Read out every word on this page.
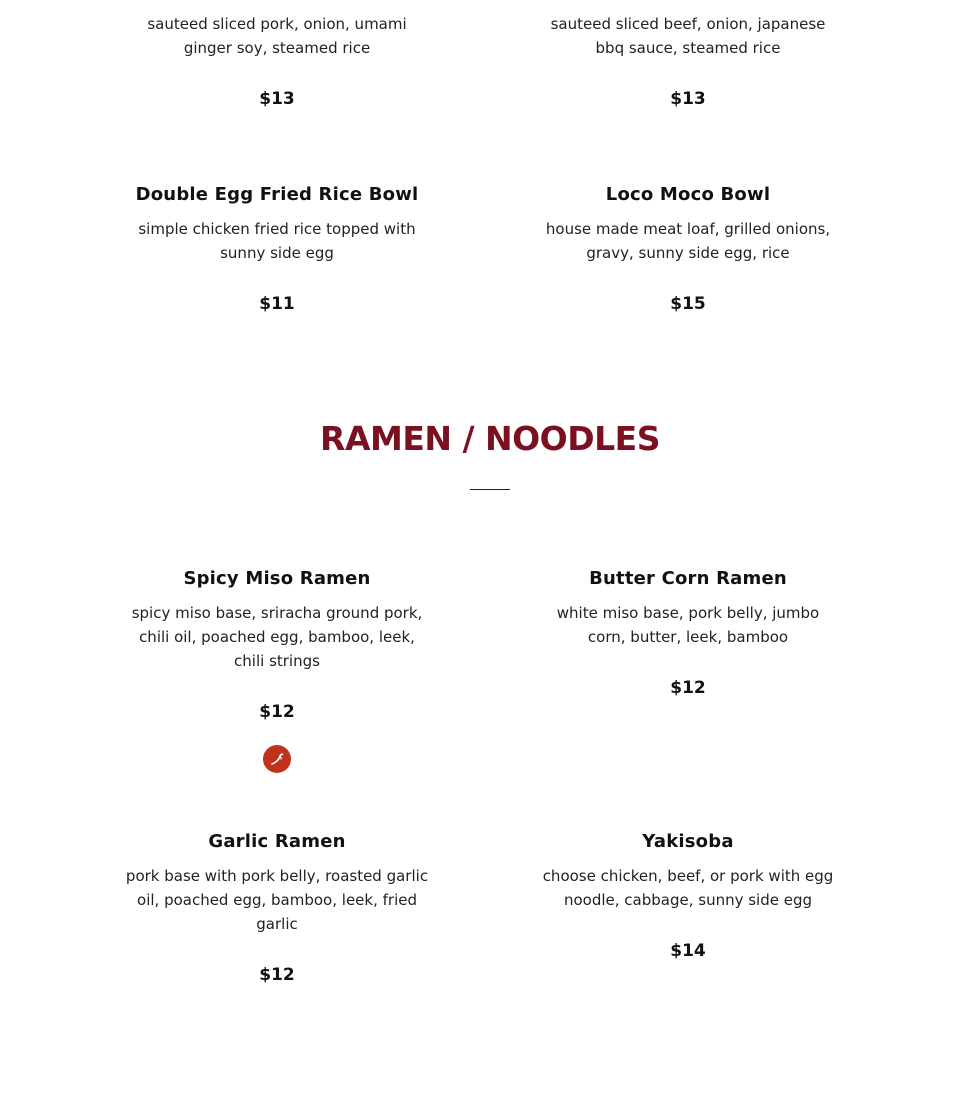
sauteed sliced pork, onion, umami ginger soy, steamed rice
$13
sauteed sliced beef, onion, japanese bbq sauce, steamed rice
$13
Double Egg Fried Rice Bowl
simple chicken fried rice topped with sunny side egg
$11
Loco Moco Bowl
house made meat loaf, grilled onions, gravy, sunny side egg, rice
$15
RAMEN / NOODLES
Spicy Miso Ramen
spicy miso base, sriracha ground pork, chili oil, poached egg, bamboo, leek, chili strings
$12
Butter Corn Ramen
white miso base, pork belly, jumbo corn, butter, leek, bamboo
$12
Garlic Ramen
pork base with pork belly, roasted garlic oil, poached egg, bamboo, leek, fried garlic
$12
Yakisoba
choose chicken, beef, or pork with egg noodle, cabbage, sunny side egg
$14
